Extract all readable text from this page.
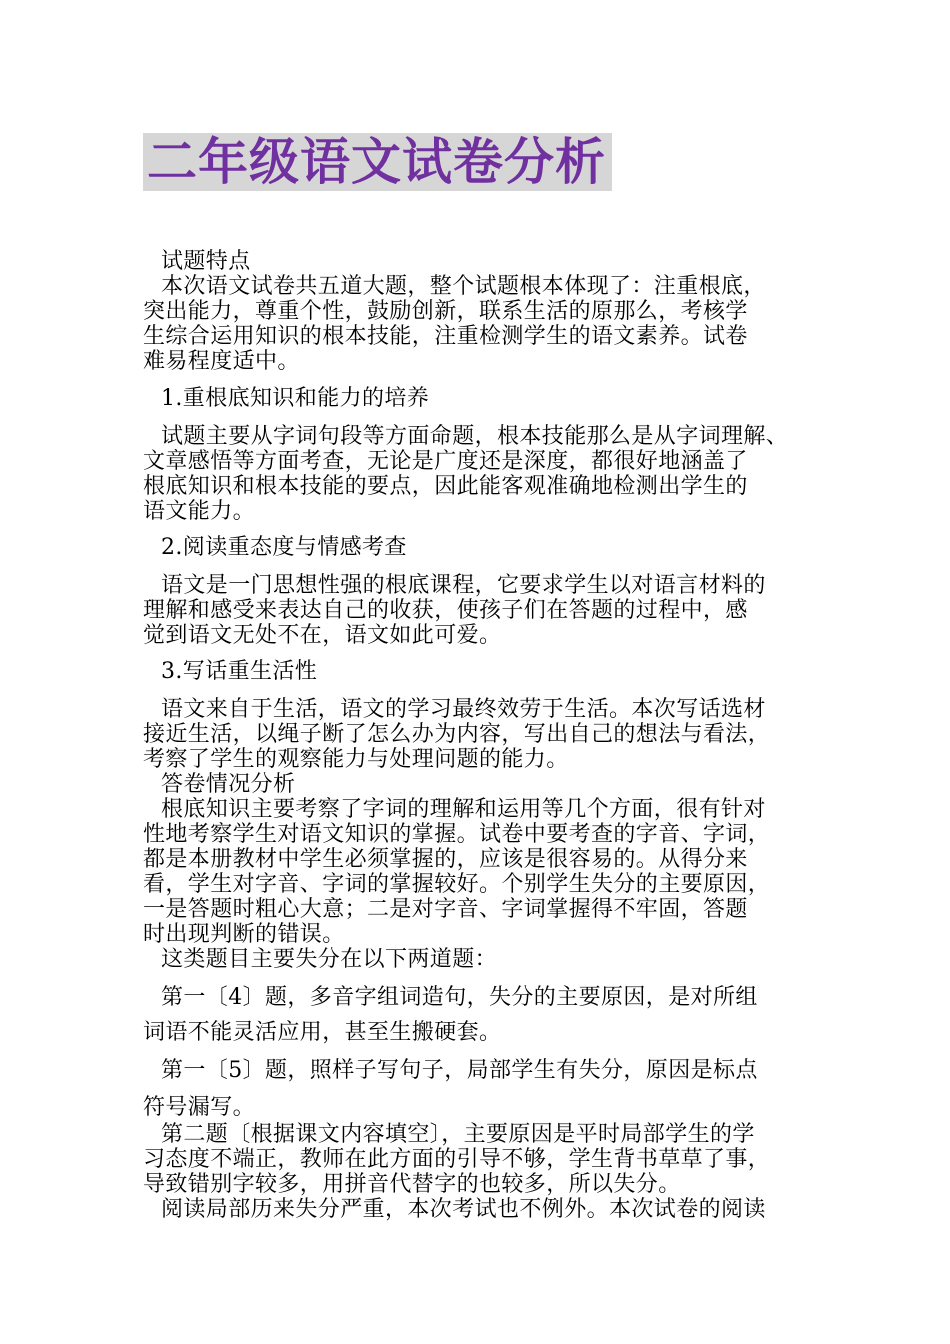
二年级语文试卷分析
试题特点
本次语文试卷共五道大题，整个试题根本体现了：注重根底，
突出能力，尊重个性，鼓励创新，联系生活的原那么，考核学
生综合运用知识的根本技能，注重检测学生的语文素养。试卷
难易程度适中。
1.重根底知识和能力的培养
试题主要从字词句段等方面命题，根本技能那么是从字词理解、
文章感悟等方面考查，无论是广度还是深度，都很好地涵盖了
根底知识和根本技能的要点，因此能客观准确地检测出学生的
语文能力。
2.阅读重态度与情感考查
语文是一门思想性强的根底课程，它要求学生以对语言材料的
理解和感受来表达自己的收获，使孩子们在答题的过程中，感
觉到语文无处不在，语文如此可爱。
3.写话重生活性
语文来自于生活，语文的学习最终效劳于生活。本次写话选材
接近生活，以绳子断了怎么办为内容，写出自己的想法与看法，
考察了学生的观察能力与处理问题的能力。
答卷情况分析
根底知识主要考察了字词的理解和运用等几个方面，很有针对
性地考察学生对语文知识的掌握。试卷中要考查的字音、字词，
都是本册教材中学生必须掌握的，应该是很容易的。从得分来
看，学生对字音、字词的掌握较好。个别学生失分的主要原因，
一是答题时粗心大意；二是对字音、字词掌握得不牢固，答题
时出现判断的错误。
这类题目主要失分在以下两道题：
第一〔4〕题，多音字组词造句，失分的主要原因，是对所组
词语不能灵活应用，甚至生搬硬套。
第一〔5〕题，照样子写句子，局部学生有失分，原因是标点
符号漏写。
第二题〔根据课文内容填空〕，主要原因是平时局部学生的学
习态度不端正，教师在此方面的引导不够，学生背书草草了事，
导致错别字较多，用拼音代替字的也较多，所以失分。
阅读局部历来失分严重，本次考试也不例外。本次试卷的阅读
